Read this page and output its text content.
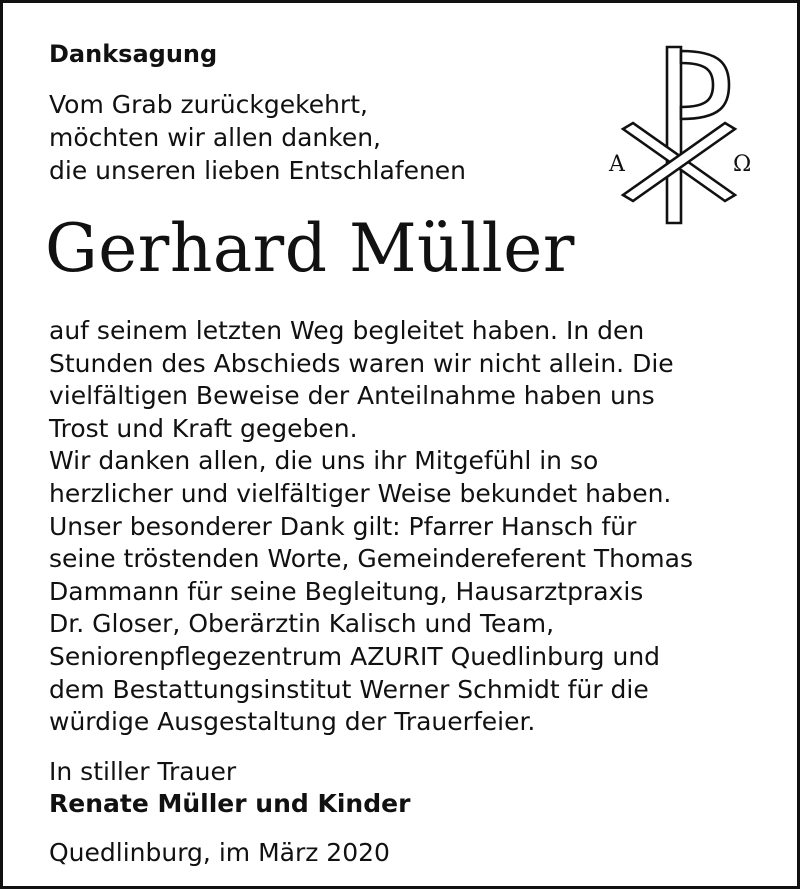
Danksagung
Vom Grab zurückgekehrt,
möchten wir allen danken,
die unseren lieben Entschlafenen	A	Ω
Gerhard Müller
auf seinem letzten Weg begleitet haben. In den
Stunden des Abschieds waren wir nicht allein. Die
vielfältigen Beweise der Anteilnahme haben uns
Trost und Kraft gegeben.
Wir danken allen, die uns ihr Mitgefühl in so
herzlicher und vielfältiger Weise bekundet haben.
Unser besonderer Dank gilt: Pfarrer Hansch für
seine tröstenden Worte, Gemeindereferent Thomas
Dammann für seine Begleitung, Hausarztpraxis
Dr. Gloser, Oberärztin Kalisch und Team,
Seniorenpflegezentrum AZURIT Quedlinburg und
dem Bestattungsinstitut Werner Schmidt für die
würdige Ausgestaltung der Trauerfeier.
In stiller Trauer
Renate Müller und Kinder
Quedlinburg, im März 2020
